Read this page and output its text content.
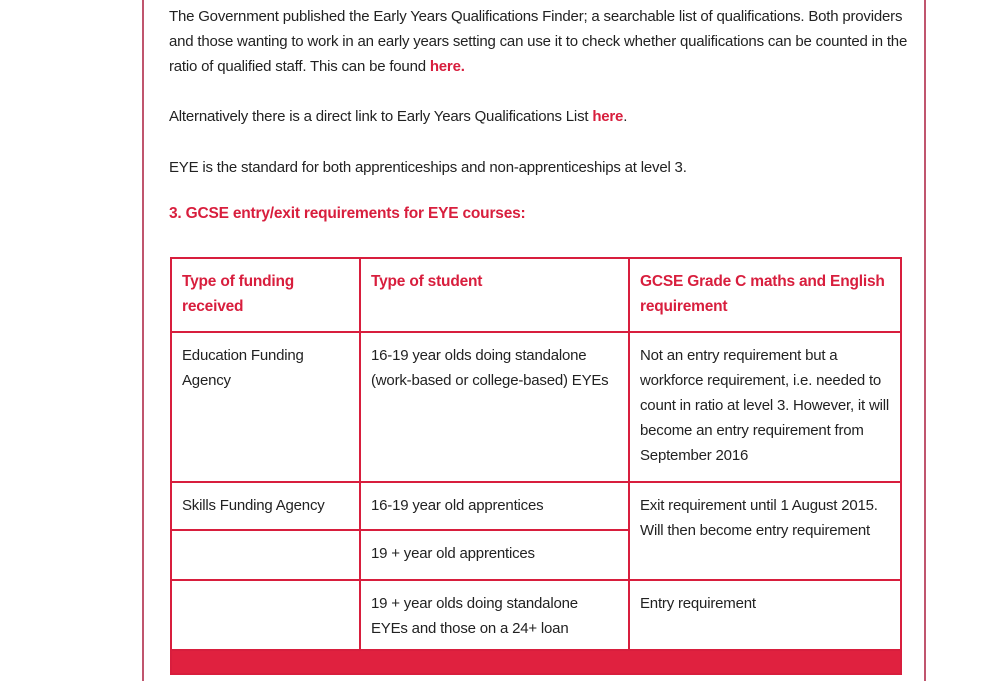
The Government published the Early Years Qualifications Finder; a searchable list of qualifications. Both providers and those wanting to work in an early years setting can use it to check whether qualifications can be counted in the ratio of qualified staff. This can be found here.

Alternatively there is a direct link to Early Years Qualifications List here.

EYE is the standard for both apprenticeships and non-apprenticeships at level 3.

3. GCSE entry/exit requirements for EYE courses:
Type of funding received	Type of student	GCSE Grade C maths and English requirement
Education Funding Agency	16-19 year olds doing standalone (work-based or college-based) EYEs	Not an entry requirement but a workforce requirement, i.e. needed to count in ratio at level 3. However, it will become an entry requirement from September 2016
Skills Funding Agency	16-19 year old apprentices	Exit requirement until 1 August 2015. Will then become entry requirement
	19 + year old apprentices	
	19 + year olds doing standalone EYEs and those on a 24+ loan	Entry requirement
